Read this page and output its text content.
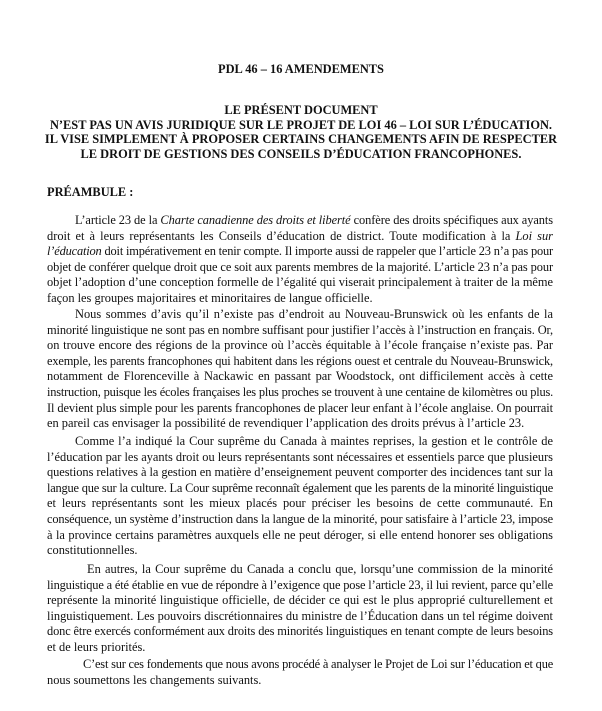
PDL 46 – 16 AMENDEMENTS
LE PRÉSENT DOCUMENT
N’EST PAS UN AVIS JURIDIQUE SUR LE PROJET DE LOI 46 – LOI SUR L’ÉDUCATION.
IL VISE SIMPLEMENT À PROPOSER CERTAINS CHANGEMENTS AFIN DE RESPECTER
LE DROIT DE GESTIONS DES CONSEILS D’ÉDUCATION FRANCOPHONES.
PRÉAMBULE :
L’article 23 de la Charte canadienne des droits et liberté confère des droits spécifiques aux ayants
droit et à leurs représentants les Conseils d’éducation de district. Toute modification à la Loi sur
l’éducation doit impérativement en tenir compte. Il importe aussi de rappeler que l’article 23 n’a pas pour
objet de conférer quelque droit que ce soit aux parents membres de la majorité. L’article 23 n’a pas pour
objet l’adoption d’une conception formelle de l’égalité qui viserait principalement à traiter de la même
façon les groupes majoritaires et minoritaires de langue officielle.
Nous sommes d’avis qu’il n’existe pas d’endroit au Nouveau-Brunswick où les enfants de la
minorité linguistique ne sont pas en nombre suffisant pour justifier l’accès à l’instruction en français. Or,
on trouve encore des régions de la province où l’accès équitable à l’école française n’existe pas. Par
exemple, les parents francophones qui habitent dans les régions ouest et centrale du Nouveau-Brunswick,
notamment de Florenceville à Nackawic en passant par Woodstock, ont difficilement accès à cette
instruction, puisque les écoles françaises les plus proches se trouvent à une centaine de kilomètres ou plus.
Il devient plus simple pour les parents francophones de placer leur enfant à l’école anglaise. On pourrait
en pareil cas envisager la possibilité de revendiquer l’application des droits prévus à l’article 23.
Comme l’a indiqué la Cour suprême du Canada à maintes reprises, la gestion et le contrôle de
l’éducation par les ayants droit ou leurs représentants sont nécessaires et essentiels parce que plusieurs
questions relatives à la gestion en matière d’enseignement peuvent comporter des incidences tant sur la
langue que sur la culture. La Cour suprême reconnaît également que les parents de la minorité linguistique
et leurs représentants sont les mieux placés pour préciser les besoins de cette communauté. En
conséquence, un système d’instruction dans la langue de la minorité, pour satisfaire à l’article 23, impose
à la province certains paramètres auxquels elle ne peut déroger, si elle entend honorer ses obligations
constitutionnelles.
En autres, la Cour suprême du Canada a conclu que, lorsqu’une commission de la minorité
linguistique a été établie en vue de répondre à l’exigence que pose l’article 23, il lui revient, parce qu’elle
représente la minorité linguistique officielle, de décider ce qui est le plus approprié culturellement et
linguistiquement. Les pouvoirs discrétionnaires du ministre de l’Éducation dans un tel régime doivent
donc être exercés conformément aux droits des minorités linguistiques en tenant compte de leurs besoins
et de leurs priorités.
C’est sur ces fondements que nous avons procédé à analyser le Projet de Loi sur l’éducation et que
nous soumettons les changements suivants.
